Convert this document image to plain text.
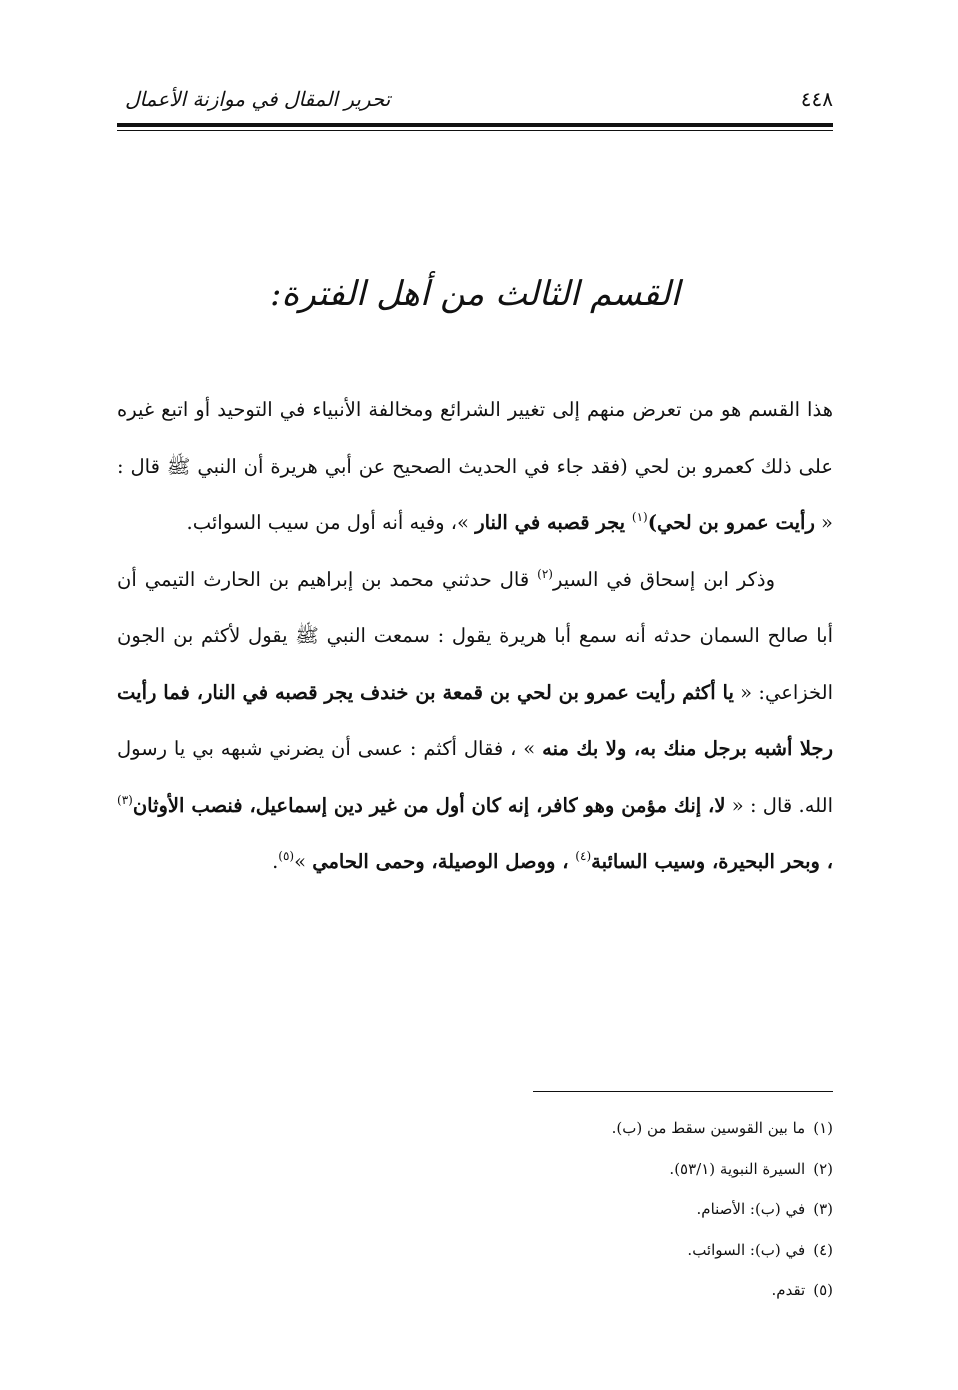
٤٤٨
تحرير المقال في موازنة الأعمال
القسم الثالث من أهل الفترة:

هذا القسم هو من تعرض منهم إلى تغيير الشرائع ومخالفة الأنبياء في التوحيد أو اتبع غيره على ذلك كعمرو بن لحي (فقد جاء في الحديث الصحيح عن أبي هريرة أن النبي ﷺ قال : « رأيت عمرو بن لحي)$^{(١)}$ يجر قصبه في النار »، وفيه أنه أول من سيب السوائب.

وذكر ابن إسحاق في السير$^{(٢)}$ قال حدثني محمد بن إبراهيم بن الحارث التيمي أن أبا صالح السمان حدثه أنه سمع أبا هريرة يقول : سمعت النبي ﷺ يقول لأكثم بن الجون الخزاعي: « يا أكثم رأيت عمرو بن لحي بن قمعة بن خندف يجر قصبه في النار، فما رأيت رجلا أشبه برجل منك به، ولا بك منه » ، فقال أكثم : عسى أن يضرني شبهه بي يا رسول الله. قال : « لا، إنك مؤمن وهو كافر، إنه كان أول من غير دين إسماعيل، فنصب الأوثان$^{(٣)}$ ، وبحر البحيرة، وسيب السائبة$^{(٤)}$ ، ووصل الوصيلة، وحمى الحامي »$^{(٥)}$.

(١)ما بين القوسين سقط من (ب).
(٢)السيرة النبوية (٥٣/١).
(٣)في (ب): الأصنام.
(٤)في (ب): السوائب.
(٥)تقدم.
